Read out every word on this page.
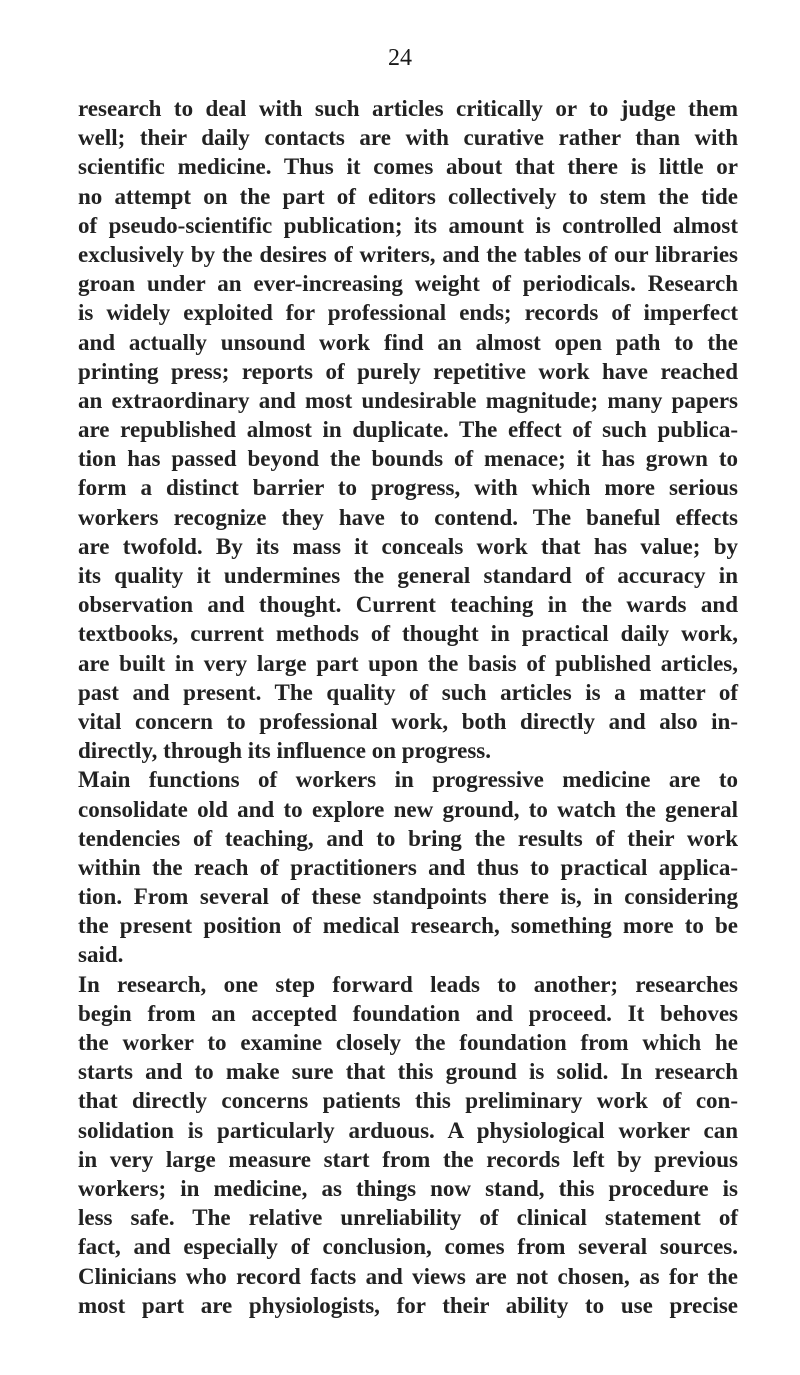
24
research to deal with such articles critically or to judge them
well; their daily contacts are with curative rather than with
scientific medicine. Thus it comes about that there is little or
no attempt on the part of editors collectively to stem the tide
of pseudo-scientific publication; its amount is controlled almost
exclusively by the desires of writers, and the tables of our libraries
groan under an ever-increasing weight of periodicals. Research
is widely exploited for professional ends; records of imperfect
and actually unsound work find an almost open path to the
printing press; reports of purely repetitive work have reached
an extraordinary and most undesirable magnitude; many papers
are republished almost in duplicate. The effect of such publica-
tion has passed beyond the bounds of menace; it has grown to
form a distinct barrier to progress, with which more serious
workers recognize they have to contend. The baneful effects
are twofold. By its mass it conceals work that has value; by
its quality it undermines the general standard of accuracy in
observation and thought. Current teaching in the wards and
textbooks, current methods of thought in practical daily work,
are built in very large part upon the basis of published articles,
past and present. The quality of such articles is a matter of
vital concern to professional work, both directly and also in-
directly, through its influence on progress.
Main functions of workers in progressive medicine are to
consolidate old and to explore new ground, to watch the general
tendencies of teaching, and to bring the results of their work
within the reach of practitioners and thus to practical applica-
tion. From several of these standpoints there is, in considering
the present position of medical research, something more to be
said.
In research, one step forward leads to another; researches
begin from an accepted foundation and proceed. It behoves
the worker to examine closely the foundation from which he
starts and to make sure that this ground is solid. In research
that directly concerns patients this preliminary work of con-
solidation is particularly arduous. A physiological worker can
in very large measure start from the records left by previous
workers; in medicine, as things now stand, this procedure is
less safe. The relative unreliability of clinical statement of
fact, and especially of conclusion, comes from several sources.
Clinicians who record facts and views are not chosen, as for the
most part are physiologists, for their ability to use precise
